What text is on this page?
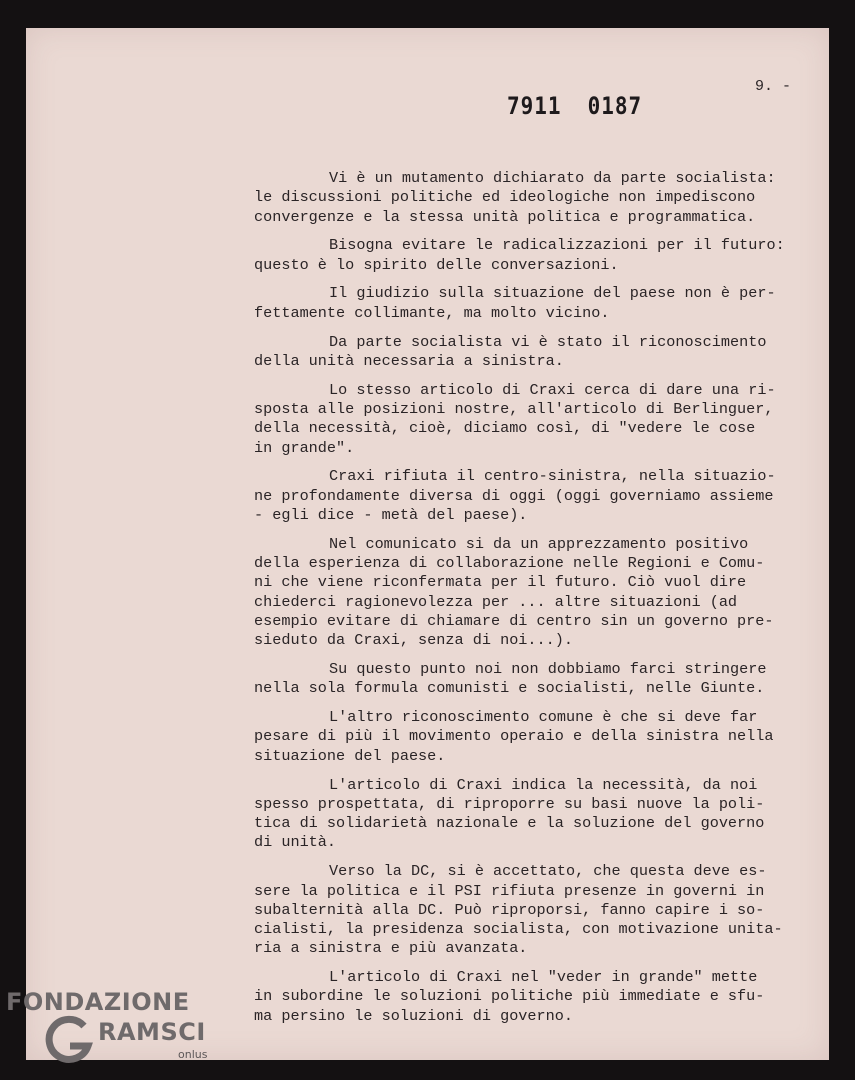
9. -
7911 0187
Vi è un mutamento dichiarato da parte socialista:
le discussioni politiche ed ideologiche non impediscono
convergenze e la stessa unità politica e programmatica.
Bisogna evitare le radicalizzazioni per il futuro:
questo è lo spirito delle conversazioni.
Il giudizio sulla situazione del paese non è per-
fettamente collimante, ma molto vicino.
Da parte socialista vi è stato il riconoscimento
della unità necessaria a sinistra.
Lo stesso articolo di Craxi cerca di dare una ri-
sposta alle posizioni nostre, all'articolo di Berlinguer,
della necessità, cioè, diciamo così, di "vedere le cose
in grande".
Craxi rifiuta il centro-sinistra, nella situazio-
ne profondamente diversa di oggi (oggi governiamo assieme
- egli dice - metà del paese).
Nel comunicato si da un apprezzamento positivo
della esperienza di collaborazione nelle Regioni e Comu-
ni che viene riconfermata per il futuro. Ciò vuol dire
chiederci ragionevolezza per ... altre situazioni (ad
esempio evitare di chiamare di centro sin un governo pre-
sieduto da Craxi, senza di noi...).
Su questo punto noi non dobbiamo farci stringere
nella sola formula comunisti e socialisti, nelle Giunte.
L'altro riconoscimento comune è che si deve far
pesare di più il movimento operaio e della sinistra nella
situazione del paese.
L'articolo di Craxi indica la necessità, da noi
spesso prospettata, di riproporre su basi nuove la poli-
tica di solidarietà nazionale e la soluzione del governo
di unità.
Verso la DC, si è accettato, che questa deve es-
sere la politica e il PSI rifiuta presenze in governi in
subalternità alla DC. Può riproporsi, fanno capire i so-
cialisti, la presidenza socialista, con motivazione unita-
ria a sinistra e più avanzata.
L'articolo di Craxi nel "veder in grande" mette
in subordine le soluzioni politiche più immediate e sfu-
ma persino le soluzioni di governo.
FONDAZIONE
RAMSCI
onlus
